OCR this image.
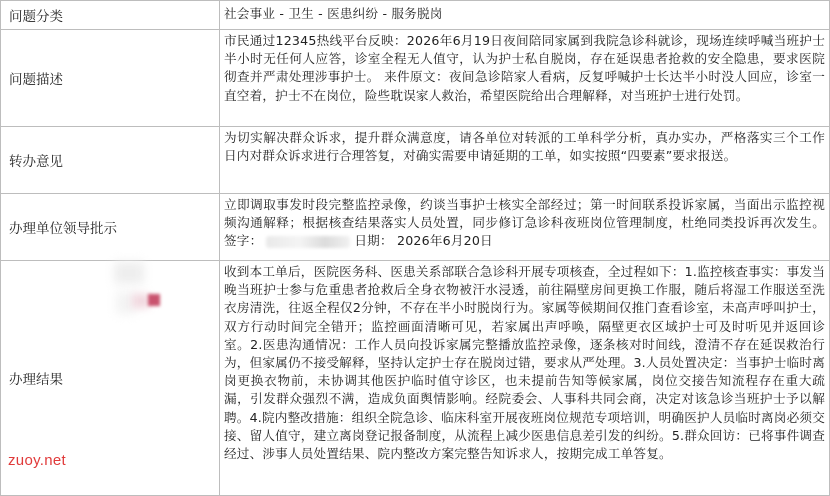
问题分类	社会事业 - 卫生 - 医患纠纷 - 服务脱岗
问题描述	市民通过12345热线平台反映：2026年6月19日夜间陪同家属到我院急诊科就诊，现场连续呼喊当班护士半小时无任何人应答，诊室全程无人值守，认为护士私自脱岗，存在延误患者抢救的安全隐患，要求医院彻查并严肃处理涉事护士。 来件原文：夜间急诊陪家人看病，反复呼喊护士长达半小时没人回应，诊室一直空着，护士不在岗位，险些耽误家人救治，希望医院给出合理解释，对当班护士进行处罚。
转办意见	为切实解决群众诉求，提升群众满意度，请各单位对转派的工单科学分析，真办实办，严格落实三个工作日内对群众诉求进行合理答复，对确实需要申请延期的工单，如实按照“四要素”要求报送。
办理单位领导批示	立即调取事发时段完整监控录像，约谈当事护士核实全部经过；第一时间联系投诉家属，当面出示监控视频沟通解释；根据核查结果落实人员处置，同步修订急诊科夜班岗位管理制度，杜绝同类投诉再次发生。 签字： 日期： 2026年6月20日
办理结果	收到本工单后，医院医务科、医患关系部联合急诊科开展专项核查，全过程如下：1.监控核查事实：事发当晚当班护士参与危重患者抢救后全身衣物被汗水浸透，前往隔壁房间更换工作服，随后将湿工作服送至洗衣房清洗，往返全程仅2分钟，不存在半小时脱岗行为。家属等候期间仅推门查看诊室，未高声呼叫护士，双方行动时间完全错开；监控画面清晰可见，若家属出声呼唤，隔壁更衣区域护士可及时听见并返回诊室。2.医患沟通情况：工作人员向投诉家属完整播放监控录像，逐条核对时间线，澄清不存在延误救治行为，但家属仍不接受解释，坚持认定护士存在脱岗过错，要求从严处理。3.人员处置决定：当事护士临时离岗更换衣物前，未协调其他医护临时值守诊区，也未提前告知等候家属，岗位交接告知流程存在重大疏漏，引发群众强烈不满，造成负面舆情影响。经院委会、人事科共同会商，决定对该急诊当班护士予以解聘。4.院内整改措施：组织全院急诊、临床科室开展夜班岗位规范专项培训，明确医护人员临时离岗必须交接、留人值守，建立离岗登记报备制度，从流程上减少医患信息差引发的纠纷。5.群众回访：已将事件调查经过、涉事人员处置结果、院内整改方案完整告知诉求人，按期完成工单答复。
zuoy.net
